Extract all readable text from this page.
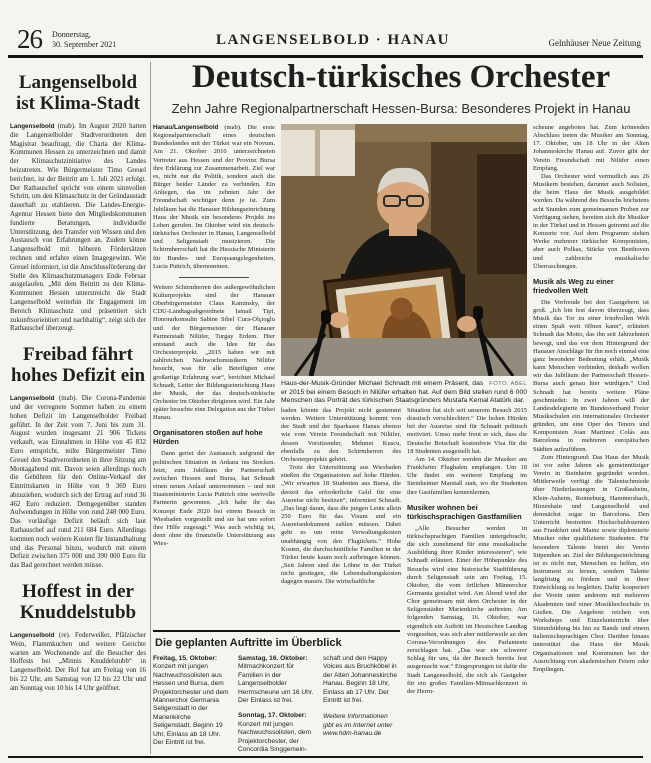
26 Donnerstag,
30. September 2021	LANGENSELBOLD · HANAU	Gelnhäuser Neue Zeitung
Langenselbold ist Klima-Stadt

Langenselbold (mab). Im August 2020 hatten die Langenselbolder Stadtverordneten den Magistrat beauftragt, die Charta der Klima-Kommunen Hessen zu unterzeichnen und damit der Klimaschutzinitiative des Landes beizutreten. Wie Bürgermeister Timo Greuel berichtet, ist der Beitritt am 1. Juli 2021 erfolgt. Der Rathauschef spricht von einem sinnvollen Schritt, um den Klimaschutz in der Gründaustadt dauerhaft zu etablieren. Die Landes-Energie-Agentur Hessen biete den Mitgliedskommunen fundierte Beratungen, individuelle Unterstützung, den Transfer von Wissen und den Austausch von Erfahrungen an. Zudem könne Langenselbold mit höheren Fördersätzen rechnen und erfahre einen Imagegewinn. Wie Greuel informiert, ist die Anschlussförderung der Stelle des Klimaschutzmanagers Ende Februar ausgelaufen. „Mit dem Beitritt zu den Klima-Kommunen Hessen unterstreicht die Stadt Langenselbold weiterhin ihr Engagement im Bereich Klimaschutz und präsentiert sich zukunftsorientiert und nachhaltig“, zeigt sich der Rathauschef überzeugt.

Freibad fährt hohes Defizit ein

Langenselbold (mab). Die Corona-Pandemie und der verregnete Sommer haben zu einem hohen Defizit im Langenselbolder Freibad geführt. In der Zeit vom 7. Juni bis zum 31. August wurden insgesamt 21 906 Tickets verkauft, was Einnahmen in Höhe von 45 832 Euro entspricht, teilte Bürgermeister Timo Greuel den Stadtverordneten in ihrer Sitzung am Montagabend mit. Davon seien allerdings noch die Gebühren für den Online-Verkauf der Eintrittskarten in Höhe von 9 369 Euro abzuziehen, wodurch sich der Ertrag auf rund 36 462 Euro reduziert. Demgegenüber standen Aufwendungen in Höhe von rund 248 000 Euro. Das vorläufige Defizit beläuft sich laut Rathauschef auf rund 211 684 Euro. Allerdings kommen noch weitere Kosten für Instandhaltung und das Personal hinzu, wodurch mit einem Defizit zwischen 375 000 und 390 000 Euro für das Bad gerechnet werden müsse.

Hoffest in der Knuddelstubb

Langenselbold (re). Federweißer, Pfälzischer Wein, Flammkuchen und weitere Gerichte warten am Wochenende auf die Besucher des Hoffests bei „Minnis Knuddelstubb“ in Langenselbold. Der Hof hat am Freitag von 16 bis 22 Uhr, am Samstag von 12 bis 22 Uhr und am Sonntag von 10 bis 14 Uhr geöffnet.

Deutsch-türkisches Orchester
Zehn Jahre Regionalpartnerschaft Hessen-Bursa: Besonderes Projekt in Hanau

Hanau/Langenselbold (mab). Die erste Regionalpartnerschaft eines deutschen Bundeslandes mit der Türkei war ein Novum. Am 21. Oktober 2010 unterzeichneten Vertreter aus Hessen und der Provinz Bursa ihre Erklärung zur Zusammenarbeit. Ziel war es, nicht nur die Politik, sondern auch die Bürger beider Länder zu verbinden. Ein Anliegen, das im zehnten Jahr der Freundschaft wichtiger denn je ist. Zum Jubiläum hat die Hanauer Bildungseinrichtung Haus der Musik ein besonderes Projekt ins Leben gerufen. Im Oktober wird ein deutsch-türkisches Orchester in Hanau, Langenselbold und Seligenstadt musizieren. Die Schirmherrschaft hat die Hessische Ministerin für Bundes- und Europaangelegenheiten, Lucia Puttrich, übernommen.

Weitere Schirmherren des außergewöhnlichen Kulturprojekts sind der Hanauer Oberbürgermeister Claus Kaminsky, der CDU-Landtagsabgeordnete Ismail Tipi, Honorarkonsulin Sabine Sibel Cura-Olçioglu und der Bürgermeister der Hanauer Partnerstadt Nilüfer, Turgay Erdem. Hier entstand auch die Idee für das Orchesterprojekt. „2015 haben wir mit zahlreichen Nachwuchsmusikern Nilüfer besucht, was für alle Beteiligten eine großartige Erfahrung war“, berichtet Michael Schnadt, Leiter der Bildungseinrichtung Haus der Musik, der das deutsch-türkische Orchester im Oktober dirigieren wird. Ein Jahr später besuchte eine Delegation aus der Türkei Hanau.

Organisatoren stoßen auf hohe Hürden

Dann geriet der Austausch aufgrund der politischen Situation in Ankara ins Stocken. Jetzt, zum Jubiläum der Partnerschaft zwischen Hessen und Bursa, hat Schnadt einen neuen Anlauf unternommen – und mit Staatsministerin Lucia Puttrich eine wertvolle Partnerin gewonnen. „Ich habe ihr das Konzept Ende 2020 bei einem Besuch in Wiesbaden vorgestellt und sie hat uns sofort ihre Hilfe zugesagt.“ Was auch wichtig ist, denn ohne die finanzielle Unterstützung aus Wies-

FOTO: ABEL
Haus-der-Musik-Gründer Michael Schnadt mit einem Präsent, das er 2015 bei einem Besuch in Nilüfer erhalten hat. Auf dem Bild stellen rund 6 000 Menschen das Porträt des türkischen Staatsgründers Mustafa Kemal Atatürk dar.

baden könnte das Projekt nicht gestemmt werden. Weitere Unterstützung kommt von der Stadt und der Sparkasse Hanau ebenso wie vom Verein Freundschaft mit Nilüfer, dessen Vorsitzender, Mehmet Kuscu, ebenfalls zu den Schirmherren des Orchesterprojekts gehört.

Trotz der Unterstützung aus Wiesbaden stießen die Organisatoren auf hohe Hürden. „Wir erwarten 18 Studenten aus Bursa, die derzeit das erforderliche Geld für eine Ausreise nicht besitzen“, informiert Schnadt. „Das liegt daran, dass die jungen Leute allein 250 Euro für das Visum und ein Ausreisedokument zahlen müssen. Dabei geht es um reine Verwaltungskosten unabhängig von den Flugtickets.“ Hohe Kosten, die durchschnittliche Familien in der Türkei heute kaum noch aufbringen können. „Seit Jahren sind die Löhne in der Türkei nicht gestiegen, die Lebenshaltungskosten dagegen massiv. Die wirtschaftliche

Situation hat sich seit unserem Besuch 2015 drastisch verschlechtert.“ Die hohen Hürden bei der Ausreise sind für Schnadt politisch motiviert. Umso mehr freut er sich, dass die Deutsche Botschaft kostenfreie Visa für die 18 Studenten ausgestellt hat.

Am 14. Oktober werden die Musiker am Frankfurter Flughafen empfangen. Um 18 Uhr findet ein weiterer Empfang im Steinheimer Marstall statt, wo die Studenten ihre Gastfamilien kennenlernen.

Musiker wohnen bei türkischsprachigen Gastfamilien

„Alle Besucher werden in türkischsprachigen Familien untergebracht, die sich zunehmend für eine musikalische Ausbildung ihrer Kinder interessieren“, wie Schnadt erläutert. Einer der Höhepunkte des Besuchs wird eine historische Stadtführung durch Seligenstadt sein am Freitag, 15. Oktober, die vom örtlichen Männerchor Germania gestaltet wird. Am Abend wird der Chor gemeinsam mit dem Orchester in der Seligenstädter Marienkirche auftreten. Am folgenden Samstag, 16. Oktober, war eigentlich ein Auftritt im Hessischen Landtag vorgesehen, was sich aber mittlerweile an den Corona-Verordnungen des Parlaments zerschlagen hat. „Das war ein schwerer Schlag für uns, da der Besuch bereits fest ausgemacht war.“ Eingesprungen ist dafür die Stadt Langenselbold, die sich als Gastgeber für ein großes Familien-Mitmachkonzert in der Herrn-

scheune angeboten hat. Zum krönenden Abschluss treten die Musiker am Sonntag, 17. Oktober, um 18 Uhr in der Alten Johanneskirche Hanau auf. Zuvor gibt der Verein Freundschaft mit Nilüfer einen Empfang.

Das Orchester wird vermutlich aus 26 Musikern bestehen, darunter auch Solisten, die beim Haus der Musik ausgebildet werden. Da während des Besuchs höchstens acht Stunden zum gemeinsamen Proben zur Verfügung stehen, bereiten sich die Musiker in der Türkei und in Hessen getrennt auf die Konzerte vor. Auf dem Programm stehen Werke mehrerer türkischer Komponisten, aber auch Polkas, Stücke von Beethoven und zahlreiche musikalische Überraschungen.

Musik als Weg zu einer friedvollen Welt

Die Vorfreude bei den Gastgebern ist groß. „Ich bin fest davon überzeugt, dass Musik das Tor zu einer friedvollen Welt einen Spalt weit öffnen kann“, erläutert Schnadt das Motto, das ihn seit Jahrzehnten bewegt, und das vor dem Hintergrund der Hanauer Anschläge für ihn noch einmal eine ganz besondere Bedeutung erhält. „Musik kann Menschen verbinden, deshalb wollen wir das Jubiläum der Partnerschaft Hessen-Bursa auch genau hier würdigen.“ Und Schnadt hat bereits weitere Pläne geschmiedet: In zwei Jahren will der Landesdelegierte im Bundesverband Freier Musikschulen ein internationales Orchester gründen, um eine Oper des Tenors und Komponisten Joan Martinez Colás aus Barcelona in mehreren europäischen Städten aufzuführen.

Zum Hintergrund: Das Haus der Musik ist vor zehn Jahren als gemeinnütziger Verein in Steinheim gegründet worden. Mittlerweile verfügt die Talentschmiede über Niederlassungen in Großauheim, Klein-Auheim, Ronneburg, Hammersbach, Hirzenhain und Langenselbold und demnächst sogar in Barcelona. Den Unterricht bestreiten Hochschuldozenten aus Frankfurt und Mainz sowie diplomierte Musiker oder qualifizierte Studenten. Für besondere Talente bietet der Verein Stipendien an. Ziel der Bildungseinrichtung ist es nicht nur, Menschen zu helfen, ein Instrument zu lernen, sondern Talente langfristig zu fördern und in ihrer Entwicklung zu begleiten. Dafür kooperiert der Verein unter anderem mit mehreren Akademien und einer Musikhochschule in Gießen. Die Angebote reichen von Workshops und Einzelunterricht über Stimmbildung bis hin zu Bands und einem italienischsprachigen Chor. Darüber hinaus unterstützt das Haus der Musik Organisationen und Kommunen bei der Ausrichtung von akademischen Feiern oder Empfängen.

Die geplanten Auftritte im Überblick
Freitag, 15. Oktober:
Konzert mit jungen Nachwuchssolisten aus Hessen und Bursa, dem Projektorchester und dem Männerchor Germania Seligenstadt in der Marienkirche Seligenstadt. Beginn 19 Uhr, Einlass ab 18 Uhr. Der Eintritt ist frei.
Samstag, 16. Oktober:
Mitmachkonzert für Familien in der Langenselbolder Herrnscheune um 16 Uhr. Der Einlass ist frei.
Sonntag, 17. Oktober:
Konzert mit jungen Nachwuchssolisten, dem Projektorchester, der Concordia Singgemein-
schaft und den Happy Voices aus Bruchköbel in der Alten Johanneskirche Hanau. Beginn 18 Uhr, Einlass ab 17 Uhr. Der Eintritt ist frei.
Weitere Informationen gibt es im Internet unter www.hdm-hanau.de
